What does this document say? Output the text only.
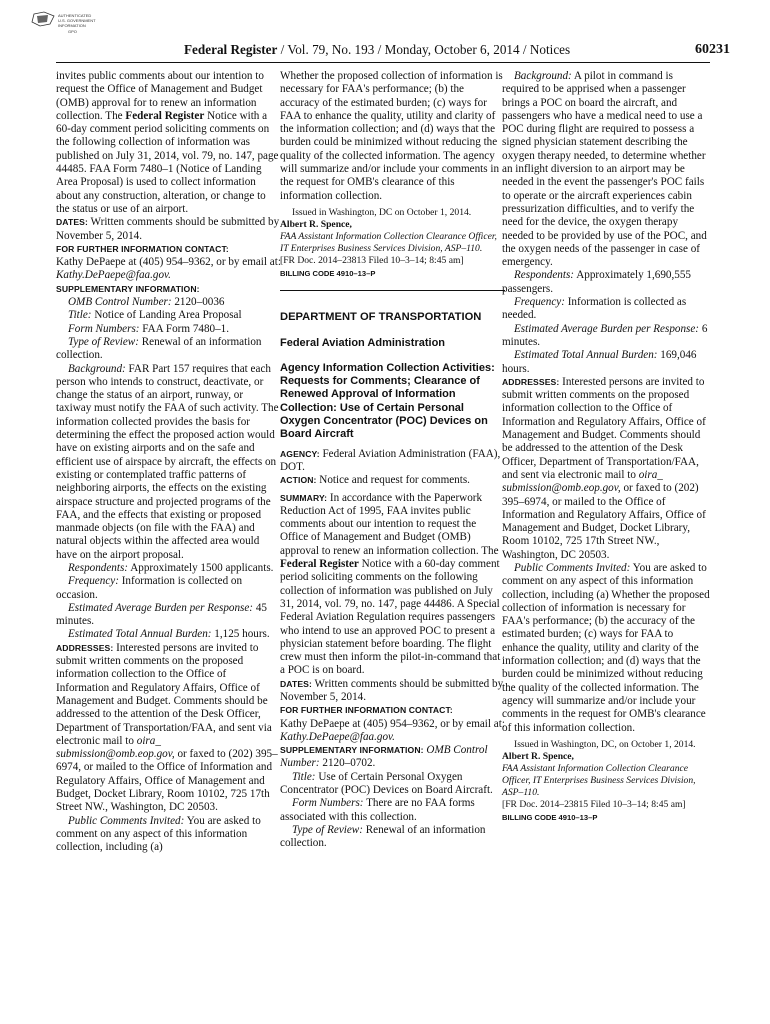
AUTHENTICATED
U.S. GOVERNMENT
INFORMATION
GPO
Federal Register / Vol. 79, No. 193 / Monday, October 6, 2014 / Notices	60231

invites public comments about our intention to request the Office of Management and Budget (OMB) approval for to renew an information collection. The Federal Register Notice with a 60-day comment period soliciting comments on the following collection of information was published on July 31, 2014, vol. 79, no. 147, page 44485. FAA Form 7480–1 (Notice of Landing Area Proposal) is used to collect information about any construction, alteration, or change to the status or use of an airport.

DATES: Written comments should be submitted by November 5, 2014.

FOR FURTHER INFORMATION CONTACT:
Kathy DePaepe at (405) 954–9362, or by email at: Kathy.DePaepe@faa.gov.

SUPPLEMENTARY INFORMATION:

OMB Control Number: 2120–0036

Title: Notice of Landing Area Proposal

Form Numbers: FAA Form 7480–1.

Type of Review: Renewal of an information collection.

Background: FAR Part 157 requires that each person who intends to construct, deactivate, or change the status of an airport, runway, or taxiway must notify the FAA of such activity. The information collected provides the basis for determining the effect the proposed action would have on existing airports and on the safe and efficient use of airspace by aircraft, the effects on existing or contemplated traffic patterns of neighboring airports, the effects on the existing airspace structure and projected programs of the FAA, and the effects that existing or proposed manmade objects (on file with the FAA) and natural objects within the affected area would have on the airport proposal.

Respondents: Approximately 1500 applicants.

Frequency: Information is collected on occasion.

Estimated Average Burden per Response: 45 minutes.

Estimated Total Annual Burden: 1,125 hours.

ADDRESSES: Interested persons are invited to submit written comments on the proposed information collection to the Office of Information and Regulatory Affairs, Office of Management and Budget. Comments should be addressed to the attention of the Desk Officer, Department of Transportation/FAA, and sent via electronic mail to oira_ submission@omb.eop.gov, or faxed to (202) 395–6974, or mailed to the Office of Information and Regulatory Affairs, Office of Management and Budget, Docket Library, Room 10102, 725 17th Street NW., Washington, DC 20503.

Public Comments Invited: You are asked to comment on any aspect of this information collection, including (a)

Whether the proposed collection of information is necessary for FAA's performance; (b) the accuracy of the estimated burden; (c) ways for FAA to enhance the quality, utility and clarity of the information collection; and (d) ways that the burden could be minimized without reducing the quality of the collected information. The agency will summarize and/or include your comments in the request for OMB's clearance of this information collection.

Issued in Washington, DC on October 1, 2014.

Albert R. Spence,

FAA Assistant Information Collection Clearance Officer, IT Enterprises Business Services Division, ASP–110.

[FR Doc. 2014–23813 Filed 10–3–14; 8:45 am]

BILLING CODE 4910–13–P

DEPARTMENT OF TRANSPORTATION

Federal Aviation Administration

Agency Information Collection Activities: Requests for Comments; Clearance of Renewed Approval of Information Collection: Use of Certain Personal Oxygen Concentrator (POC) Devices on Board Aircraft

AGENCY: Federal Aviation Administration (FAA), DOT.

ACTION: Notice and request for comments.

SUMMARY: In accordance with the Paperwork Reduction Act of 1995, FAA invites public comments about our intention to request the Office of Management and Budget (OMB) approval to renew an information collection. The Federal Register Notice with a 60-day comment period soliciting comments on the following collection of information was published on July 31, 2014, vol. 79, no. 147, page 44486. A Special Federal Aviation Regulation requires passengers who intend to use an approved POC to present a physician statement before boarding. The flight crew must then inform the pilot-in-command that a POC is on board.

DATES: Written comments should be submitted by November 5, 2014.

FOR FURTHER INFORMATION CONTACT:
Kathy DePaepe at (405) 954–9362, or by email at: Kathy.DePaepe@faa.gov.

SUPPLEMENTARY INFORMATION: OMB Control Number: 2120–0702.

Title: Use of Certain Personal Oxygen Concentrator (POC) Devices on Board Aircraft.

Form Numbers: There are no FAA forms associated with this collection.

Type of Review: Renewal of an information collection.

Background: A pilot in command is required to be apprised when a passenger brings a POC on board the aircraft, and passengers who have a medical need to use a POC during flight are required to possess a signed physician statement describing the oxygen therapy needed, to determine whether an inflight diversion to an airport may be needed in the event the passenger's POC fails to operate or the aircraft experiences cabin pressurization difficulties, and to verify the need for the device, the oxygen therapy needed to be provided by use of the POC, and the oxygen needs of the passenger in case of emergency.

Respondents: Approximately 1,690,555 passengers.

Frequency: Information is collected as needed.

Estimated Average Burden per Response: 6 minutes.

Estimated Total Annual Burden: 169,046 hours.

ADDRESSES: Interested persons are invited to submit written comments on the proposed information collection to the Office of Information and Regulatory Affairs, Office of Management and Budget. Comments should be addressed to the attention of the Desk Officer, Department of Transportation/FAA, and sent via electronic mail to oira_ submission@omb.eop.gov, or faxed to (202) 395–6974, or mailed to the Office of Information and Regulatory Affairs, Office of Management and Budget, Docket Library, Room 10102, 725 17th Street NW., Washington, DC 20503.

Public Comments Invited: You are asked to comment on any aspect of this information collection, including (a) Whether the proposed collection of information is necessary for FAA's performance; (b) the accuracy of the estimated burden; (c) ways for FAA to enhance the quality, utility and clarity of the information collection; and (d) ways that the burden could be minimized without reducing the quality of the collected information. The agency will summarize and/or include your comments in the request for OMB's clearance of this information collection.

Issued in Washington, DC, on October 1, 2014.

Albert R. Spence,

FAA Assistant Information Collection Clearance Officer, IT Enterprises Business Services Division, ASP–110.

[FR Doc. 2014–23815 Filed 10–3–14; 8:45 am]

BILLING CODE 4910–13–P
